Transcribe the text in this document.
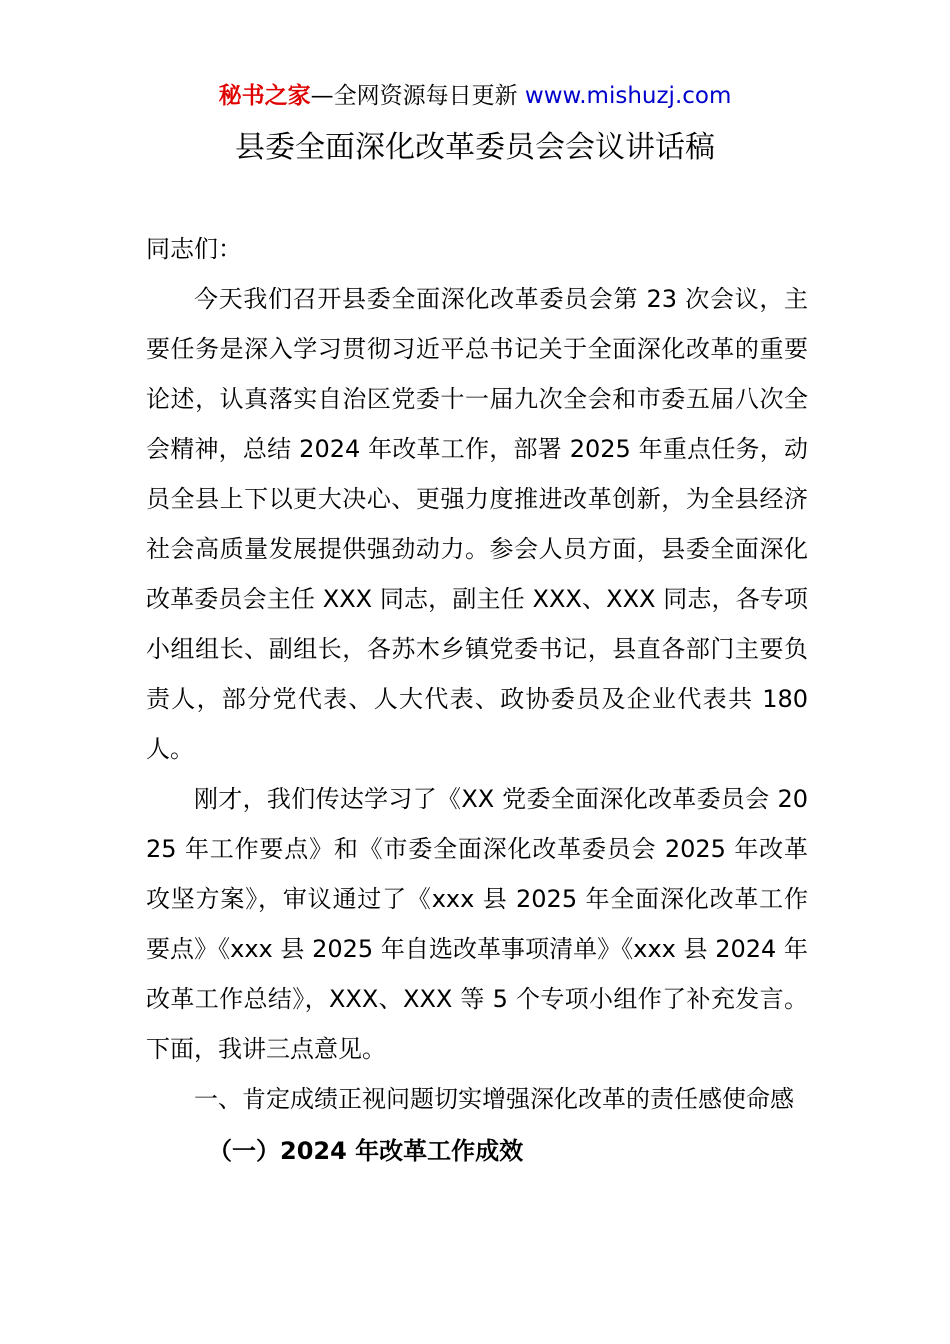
秘书之家—全网资源每日更新 www.mishuzj.com
县委全面深化改革委员会会议讲话稿

同志们：

今天我们召开县委全面深化改革委员会第 23 次会议，主要任务是深入学习贯彻习近平总书记关于全面深化改革的重要论述，认真落实自治区党委十一届九次全会和市委五届八次全会精神，总结 2024 年改革工作，部署 2025 年重点任务，动员全县上下以更大决心、更强力度推进改革创新，为全县经济社会高质量发展提供强劲动力。参会人员方面，县委全面深化改革委员会主任 XXX 同志，副主任 XXX、XXX 同志，各专项小组组长、副组长，各苏木乡镇党委书记，县直各部门主要负责人，部分党代表、人大代表、政协委员及企业代表共 180 人。

刚才，我们传达学习了《XX 党委全面深化改革委员会 2025 年工作要点》和《市委全面深化改革委员会 2025 年改革攻坚方案》，审议通过了《xxx 县 2025 年全面深化改革工作要点》《xxx 县 2025 年自选改革事项清单》《xxx 县 2024 年改革工作总结》，XXX、XXX 等 5 个专项小组作了补充发言。下面，我讲三点意见。

一、肯定成绩正视问题切实增强深化改革的责任感使命感

（一）2024 年改革工作成效
